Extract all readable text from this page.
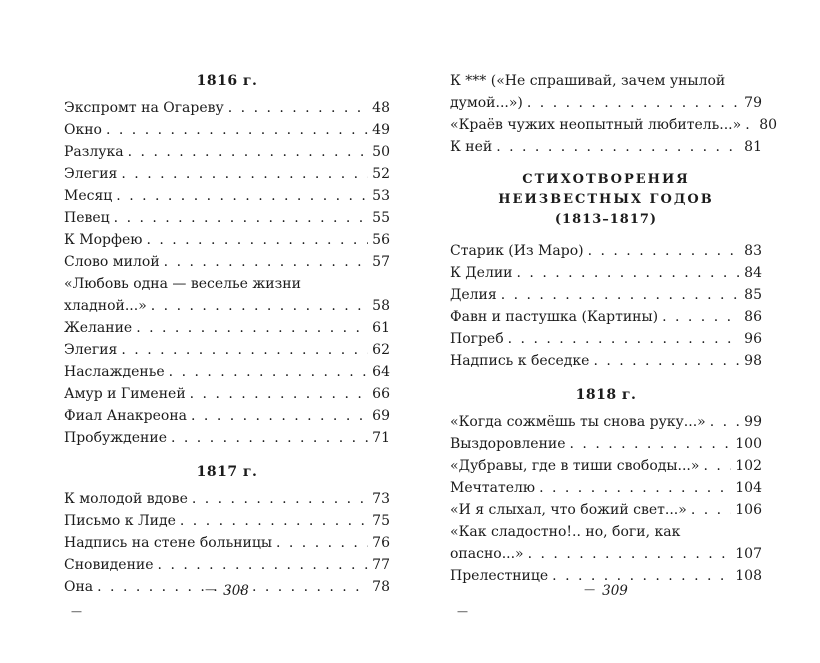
1816 г.
Экспромт на Огареву . . .	48
Окно . . .	49
Разлука . . .	50
Элегия . . .	52
Месяц . . .	53
Певец . . .	55
К Морфею . . .	56
Слово милой . . .	57
«Любовь одна — веселье жизни
хладной...» . . .	58
Желание . . .	61
Элегия . . .	62
Наслажденье . . .	64
Амур и Гименей . . .	66
Фиал Анакреона . . .	69
Пробуждение . . .	71
1817 г.
К молодой вдове . . .	73
Письмо к Лиде . . .	75
Надпись на стене больницы . . .	76
Сновидение . . .	77
Она . . .	78
—308
—
К *** («Не спрашивай, зачем унылой
думой...») . . .	79
«Краёв чужих неопытный любитель...» . . . 80
К ней . . .	81
СТИХОТВОРЕНИЯ
НЕИЗВЕСТНЫХ ГОДОВ
(1813–1817)
Старик (Из Маро) . . .	83
К Делии . . .	84
Делия . . .	85
Фавн и пастушка (Картины) . . .	86
Погреб . . .	96
Надпись к беседке . . .	98
1818 г.
«Когда сожмёшь ты снова руку...» . . .	99
Выздоровление . . .	100
«Дубравы, где в тиши свободы...» . . .	102
Мечтателю . . .	104
«И я слыхал, что божий свет...» . . .	106
«Как сладостно!.. но, боги, как
опасно...» . . .	107
Прелестнице . . .	108
—309
—
